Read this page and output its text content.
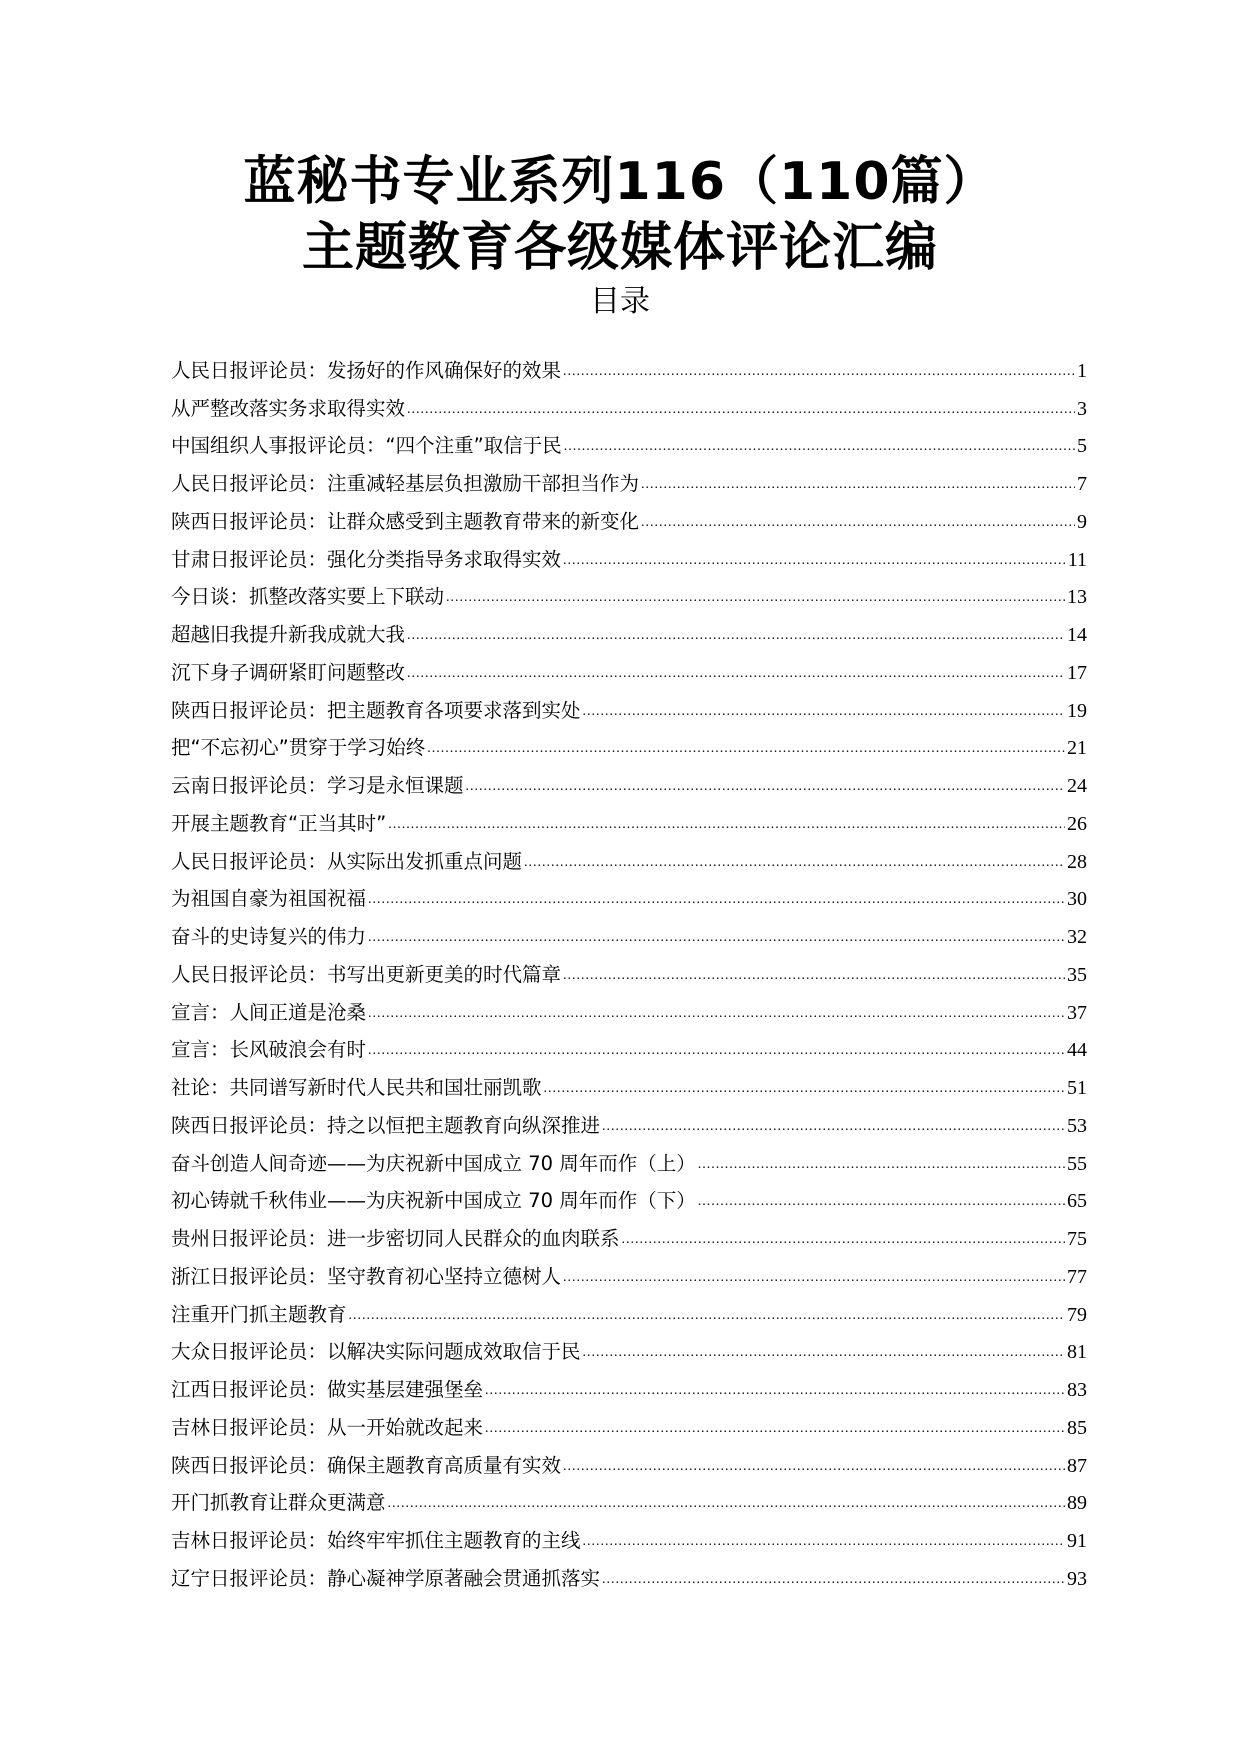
蓝秘书专业系列116（110篇）
主题教育各级媒体评论汇编
目录
人民日报评论员：发扬好的作风确保好的效果 .....	1
从严整改落实务求取得实效 .....	3
中国组织人事报评论员：“四个注重”取信于民 .....	5
人民日报评论员：注重减轻基层负担激励干部担当作为 .....	7
陕西日报评论员：让群众感受到主题教育带来的新变化 .....	9
甘肃日报评论员：强化分类指导务求取得实效 .....	11
今日谈：抓整改落实要上下联动 .....	13
超越旧我提升新我成就大我 .....	14
沉下身子调研紧盯问题整改 .....	17
陕西日报评论员：把主题教育各项要求落到实处 .....	19
把“不忘初心”贯穿于学习始终 .....	21
云南日报评论员：学习是永恒课题 .....	24
开展主题教育“正当其时” .....	26
人民日报评论员：从实际出发抓重点问题 .....	28
为祖国自豪为祖国祝福 .....	30
奋斗的史诗复兴的伟力 .....	32
人民日报评论员：书写出更新更美的时代篇章 .....	35
宣言：人间正道是沧桑 .....	37
宣言：长风破浪会有时 .....	44
社论：共同谱写新时代人民共和国壮丽凯歌 .....	51
陕西日报评论员：持之以恒把主题教育向纵深推进 .....	53
奋斗创造人间奇迹——为庆祝新中国成立 70 周年而作（上） .....	55
初心铸就千秋伟业——为庆祝新中国成立 70 周年而作（下） .....	65
贵州日报评论员：进一步密切同人民群众的血肉联系 .....	75
浙江日报评论员：坚守教育初心坚持立德树人 .....	77
注重开门抓主题教育 .....	79
大众日报评论员：以解决实际问题成效取信于民 .....	81
江西日报评论员：做实基层建强堡垒 .....	83
吉林日报评论员：从一开始就改起来 .....	85
陕西日报评论员：确保主题教育高质量有实效 .....	87
开门抓教育让群众更满意 .....	89
吉林日报评论员：始终牢牢抓住主题教育的主线 .....	91
辽宁日报评论员：静心凝神学原著融会贯通抓落实 .....	93
